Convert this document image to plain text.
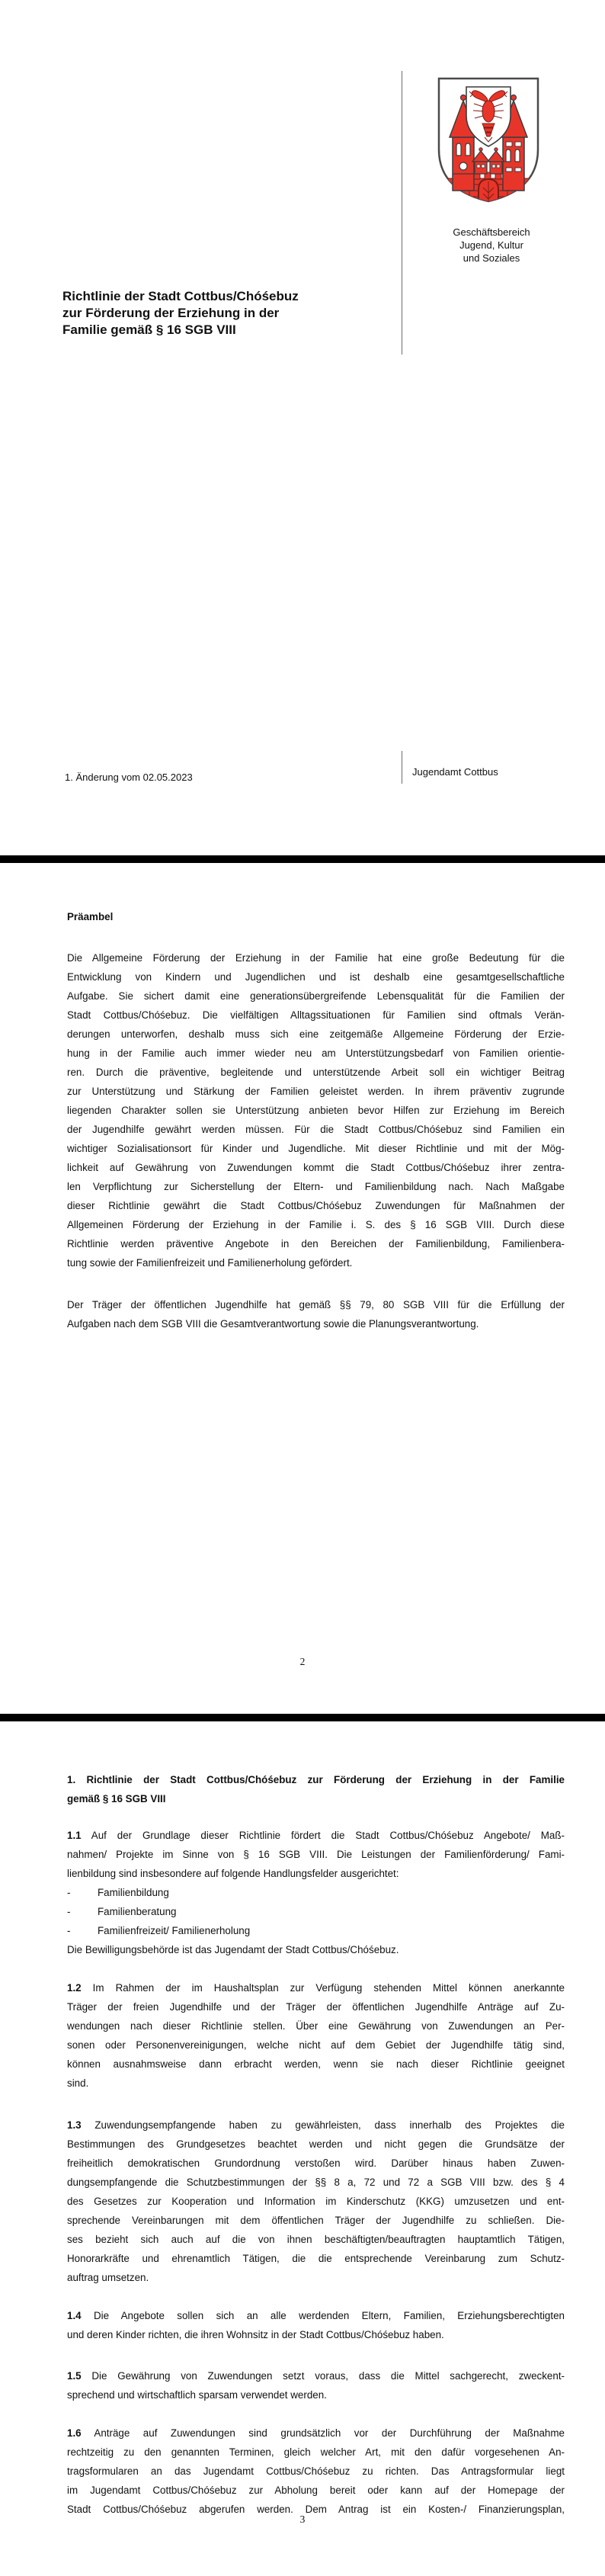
Geschäftsbereich
Jugend, Kultur
und Soziales
Richtlinie der Stadt Cottbus/Chóśebuz
zur Förderung der Erziehung in der
Familie gemäß § 16 SGB VIII
1. Änderung vom 02.05.2023	Jugendamt Cottbus
Präambel
Die Allgemeine Förderung der Erziehung in der Familie hat eine große Bedeutung für die
Entwicklung von Kindern und Jugendlichen und ist deshalb eine gesamtgesellschaftliche
Aufgabe. Sie sichert damit eine generationsübergreifende Lebensqualität für die Familien der
Stadt Cottbus/Chóśebuz. Die vielfältigen Alltagssituationen für Familien sind oftmals Verän-
derungen unterworfen, deshalb muss sich eine zeitgemäße Allgemeine Förderung der Erzie-
hung in der Familie auch immer wieder neu am Unterstützungsbedarf von Familien orientie-
ren. Durch die präventive, begleitende und unterstützende Arbeit soll ein wichtiger Beitrag
zur Unterstützung und Stärkung der Familien geleistet werden. In ihrem präventiv zugrunde
liegenden Charakter sollen sie Unterstützung anbieten bevor Hilfen zur Erziehung im Bereich
der Jugendhilfe gewährt werden müssen. Für die Stadt Cottbus/Chóśebuz sind Familien ein
wichtiger Sozialisationsort für Kinder und Jugendliche. Mit dieser Richtlinie und mit der Mög-
lichkeit auf Gewährung von Zuwendungen kommt die Stadt Cottbus/Chóśebuz ihrer zentra-
len Verpflichtung zur Sicherstellung der Eltern- und Familienbildung nach. Nach Maßgabe
dieser Richtlinie gewährt die Stadt Cottbus/Chóśebuz Zuwendungen für Maßnahmen der
Allgemeinen Förderung der Erziehung in der Familie i. S. des § 16 SGB VIII. Durch diese
Richtlinie werden präventive Angebote in den Bereichen der Familienbildung, Familienbera-
tung sowie der Familienfreizeit und Familienerholung gefördert.
Der Träger der öffentlichen Jugendhilfe hat gemäß §§ 79, 80 SGB VIII für die Erfüllung der
Aufgaben nach dem SGB VIII die Gesamtverantwortung sowie die Planungsverantwortung.
2
1. Richtlinie der Stadt Cottbus/Chóśebuz zur Förderung der Erziehung in der Familie
gemäß § 16 SGB VIII
1.1 Auf der Grundlage dieser Richtlinie fördert die Stadt Cottbus/Chóśebuz Angebote/ Maß-
nahmen/ Projekte im Sinne von § 16 SGB VIII. Die Leistungen der Familienförderung/ Fami-
lienbildung sind insbesondere auf folgende Handlungsfelder ausgerichtet:
-	Familienbildung
-	Familienberatung
-	Familienfreizeit/ Familienerholung
Die Bewilligungsbehörde ist das Jugendamt der Stadt Cottbus/Chóśebuz.
1.2 Im Rahmen der im Haushaltsplan zur Verfügung stehenden Mittel können anerkannte
Träger der freien Jugendhilfe und der Träger der öffentlichen Jugendhilfe Anträge auf Zu-
wendungen nach dieser Richtlinie stellen. Über eine Gewährung von Zuwendungen an Per-
sonen oder Personenvereinigungen, welche nicht auf dem Gebiet der Jugendhilfe tätig sind,
können ausnahmsweise dann erbracht werden, wenn sie nach dieser Richtlinie geeignet
sind.
1.3 Zuwendungsempfangende haben zu gewährleisten, dass innerhalb des Projektes die
Bestimmungen des Grundgesetzes beachtet werden und nicht gegen die Grundsätze der
freiheitlich demokratischen Grundordnung verstoßen wird. Darüber hinaus haben Zuwen-
dungsempfangende die Schutzbestimmungen der §§ 8 a, 72 und 72 a SGB VIII bzw. des § 4
des Gesetzes zur Kooperation und Information im Kinderschutz (KKG) umzusetzen und ent-
sprechende Vereinbarungen mit dem öffentlichen Träger der Jugendhilfe zu schließen. Die-
ses bezieht sich auch auf die von ihnen beschäftigten/beauftragten hauptamtlich Tätigen,
Honorarkräfte und ehrenamtlich Tätigen, die die entsprechende Vereinbarung zum Schutz-
auftrag umsetzen.
1.4 Die Angebote sollen sich an alle werdenden Eltern, Familien, Erziehungsberechtigten
und deren Kinder richten, die ihren Wohnsitz in der Stadt Cottbus/Chóśebuz haben.
1.5 Die Gewährung von Zuwendungen setzt voraus, dass die Mittel sachgerecht, zweckent-
sprechend und wirtschaftlich sparsam verwendet werden.
1.6 Anträge auf Zuwendungen sind grundsätzlich vor der Durchführung der Maßnahme
rechtzeitig zu den genannten Terminen, gleich welcher Art, mit den dafür vorgesehenen An-
tragsformularen an das Jugendamt Cottbus/Chóśebuz zu richten. Das Antragsformular liegt
im Jugendamt Cottbus/Chóśebuz zur Abholung bereit oder kann auf der Homepage der
Stadt Cottbus/Chóśebuz abgerufen werden. Dem Antrag ist ein Kosten-/ Finanzierungsplan,
3
